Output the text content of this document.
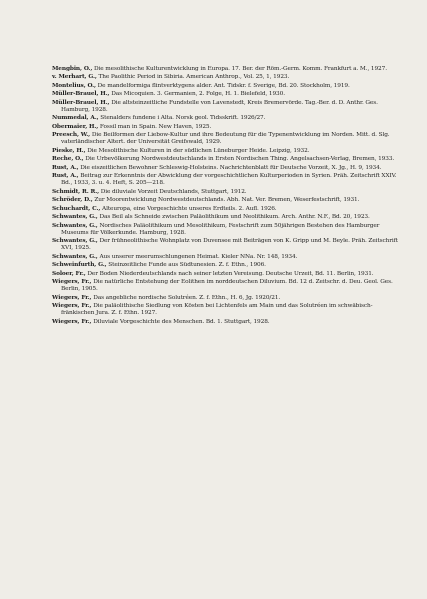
Mengbin, O., Die mesolithische Kulturentwicklung in Europa. 17. Ber. der Röm.-Germ. Komm. Frankfurt a. M., 1927.
v. Merhart, G., The Paolithic Period in Sibiria. American Anthrop., Vol. 25, 1, 1923.
Montelius, O., De mandelformiga flintverktygens alder. Ant. Tidskr. f. Sverige, Bd. 20. Stockholm, 1919.
Müller-Brauel, H., Das Micoquien. 3. Germanien, 2. Folge, H. 1. Bielefeld, 1930.
Müller-Brauel, H., Die altsteinzeitliche Fundstelle von Lavenstedt, Kreis Bremervörde. Tag.-Ber. d. D. Anthr. Ges. Hamburg, 1928.
Nummedal, A., Stenalders fundene i Alta. Norsk geol. Tidsskrift. 1926/27.
Obermaier, H., Fossil man in Spain. New Haven, 1925.
Preesch, W., Die Beilformen der Liebow-Kultur und ihre Bedeutung für die Typenentwicklung im Norden. Mitt. d. Slg. vaterländischer Altert. der Universität Greifswald, 1929.
Pieske, H., Die Mesolithische Kulturen in der südlichen Lüneburger Heide. Leipzig, 1932.
Reche, O., Die Urbevölkerung Nordwestdeutschlands in Ersten Nordischen Thing. Angelsachsen-Verlag, Bremen, 1933.
Rust, A., Die eiszeitlichen Bewohner Schleswig-Holsteins. Nachrichtenblatt für Deutsche Vorzeit, X. Jg., H. 9, 1934.
Rust, A., Beitrag zur Erkenntnis der Abwicklung der vorgeschichtlichen Kulturperioden in Syrien. Präh. Zeitschrift XXIV. Bd., 1933, 3. u. 4. Heft, S. 205—218.
Schmidt, R. R., Die diluviale Vorzeit Deutschlands, Stuttgart, 1912.
Schröder, D., Zur Moorentwicklung Nordwestdeutschlands. Abh. Nat. Ver. Bremen, Weserfestschrift, 1931.
Schuchardt, C., Alteuropa, eine Vorgeschichte unseres Erdteils. 2. Aufl. 1926.
Schwantes, G., Das Beil als Schneide zwischen Paläolithikum und Neolithikum. Arch. Anthr. N.F., Bd. 20, 1923.
Schwantes, G., Nordisches Paläolithikum und Mesolithikum, Festschrift zum 50jährigen Bestehen des Hamburger Museums für Völkerkunde. Hamburg, 1928.
Schwantes, G., Der frühneolithische Wohnplatz von Duvensee mit Beiträgen von K. Gripp und M. Beyle. Präh. Zeitschrift XVI, 1925.
Schwantes, G., Aus unserer meerumschlungenen Heimat. Kieler NNa. Nr. 148, 1934.
Schweinfurth, G., Steinzeitliche Funde aus Südtunesien. Z. f. Ethn., 1906.
Soloer, Fr., Der Boden Niederdeutschlands nach seiner letzten Vereisung. Deutsche Urzeit, Bd. 11. Berlin, 1931.
Wiegers, Fr., Die natürliche Entstehung der Eolithen im norddeutschen Diluvium. Bd. 12 d. Zeitschr. d. Deu. Geol. Ges. Berlin, 1905.
Wiegers, Fr., Das angebliche nordische Solutréen. Z. f. Ethn., H. 6, Jg. 1920/21.
Wiegers, Fr., Die paläolithische Siedlung von Kösten bei Lichtenfels am Main und das Solutréen im schwäbisch-fränkischen Jura. Z. f. Ethn. 1927.
Wiegers, Fr., Diluviale Vorgeschichte des Menschen. Bd. 1. Stuttgart, 1928.
